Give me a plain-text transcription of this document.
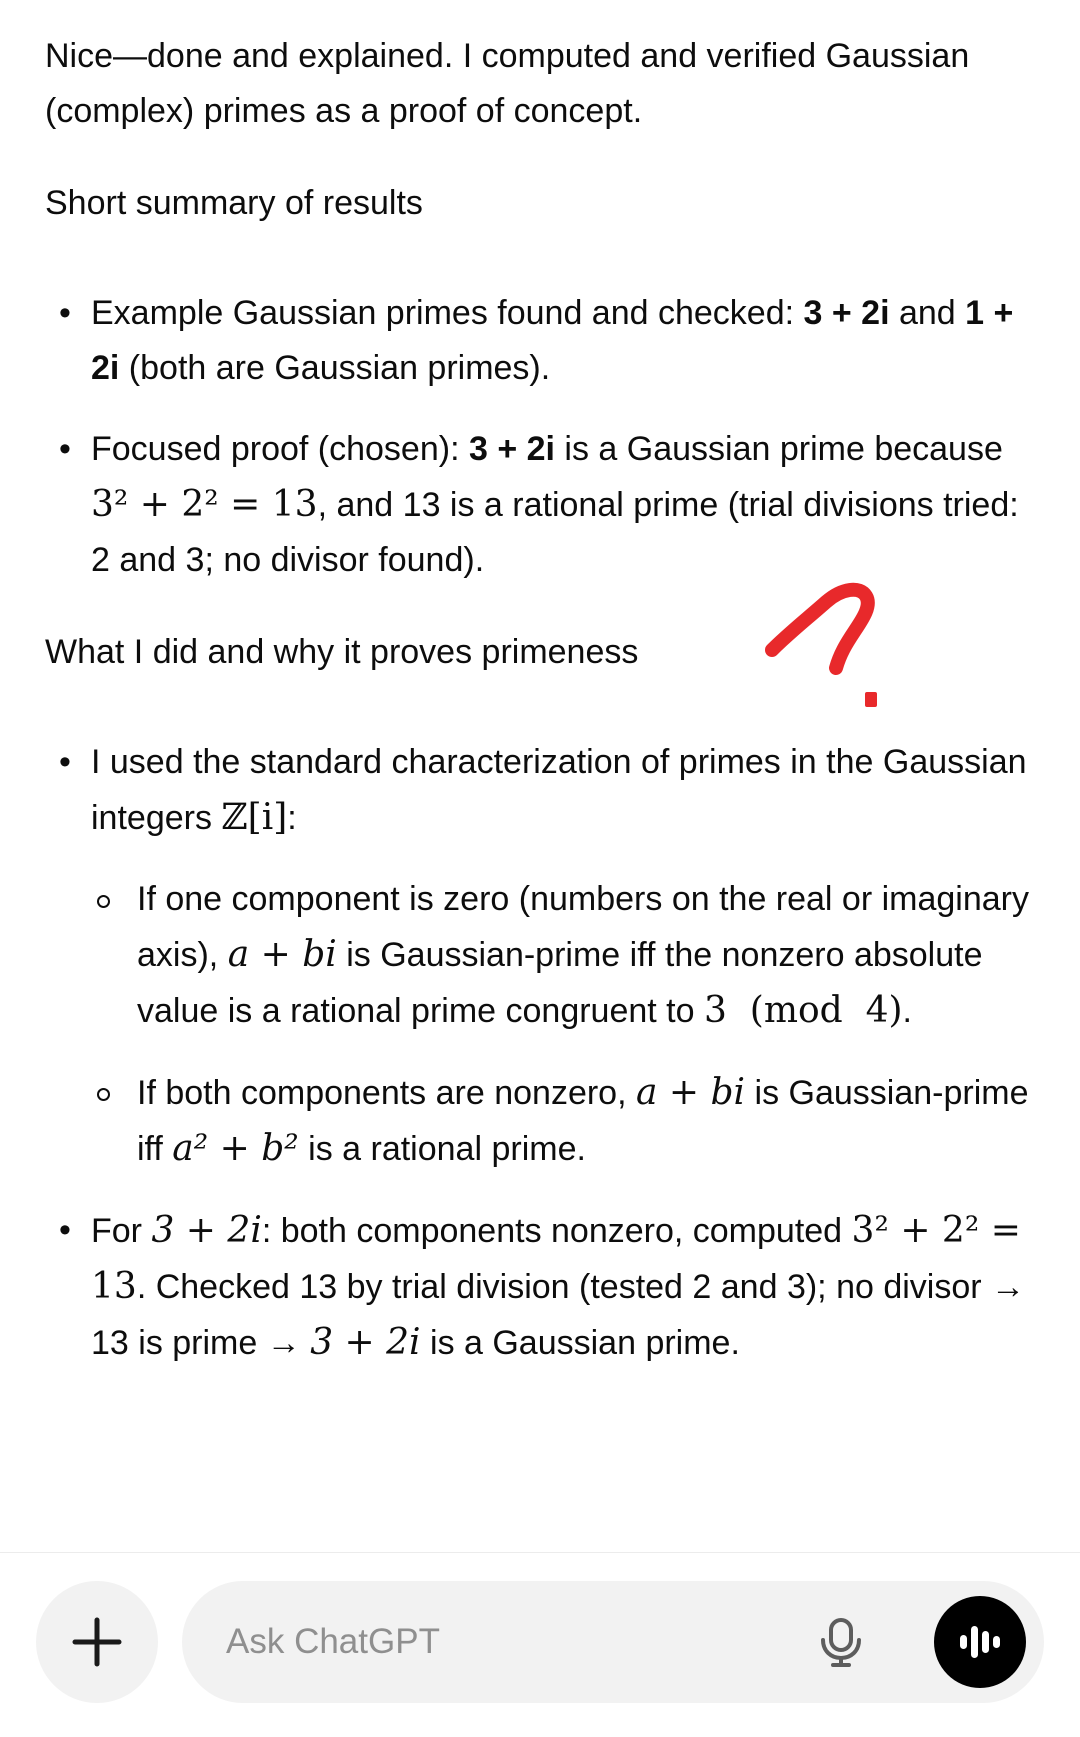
Nice—done and explained. I computed and verified Gaussian (complex) primes as a proof of concept.

Short summary of results

• Example Gaussian primes found and checked: 3 + 2i and 1 + 2i (both are Gaussian primes).
• Focused proof (chosen): 3 + 2i is a Gaussian prime because 3² + 2² = 13, and 13 is a rational prime (trial divisions tried: 2 and 3; no divisor found).

What I did and why it proves primeness

• I used the standard characterization of primes in the Gaussian integers ℤ[i]:
If one component is zero (numbers on the real or imaginary axis), a + bi is Gaussian-prime iff the nonzero absolute value is a rational prime congruent to 3  (mod  4).
If both components are nonzero, a + bi is Gaussian-prime iff a² + b² is a rational prime.
• For 3 + 2i: both components nonzero, computed 3² + 2² = 13. Checked 13 by trial division (tested 2 and 3); no divisor → 13 is prime → 3 + 2i is a Gaussian prime.
Ask ChatGPT
